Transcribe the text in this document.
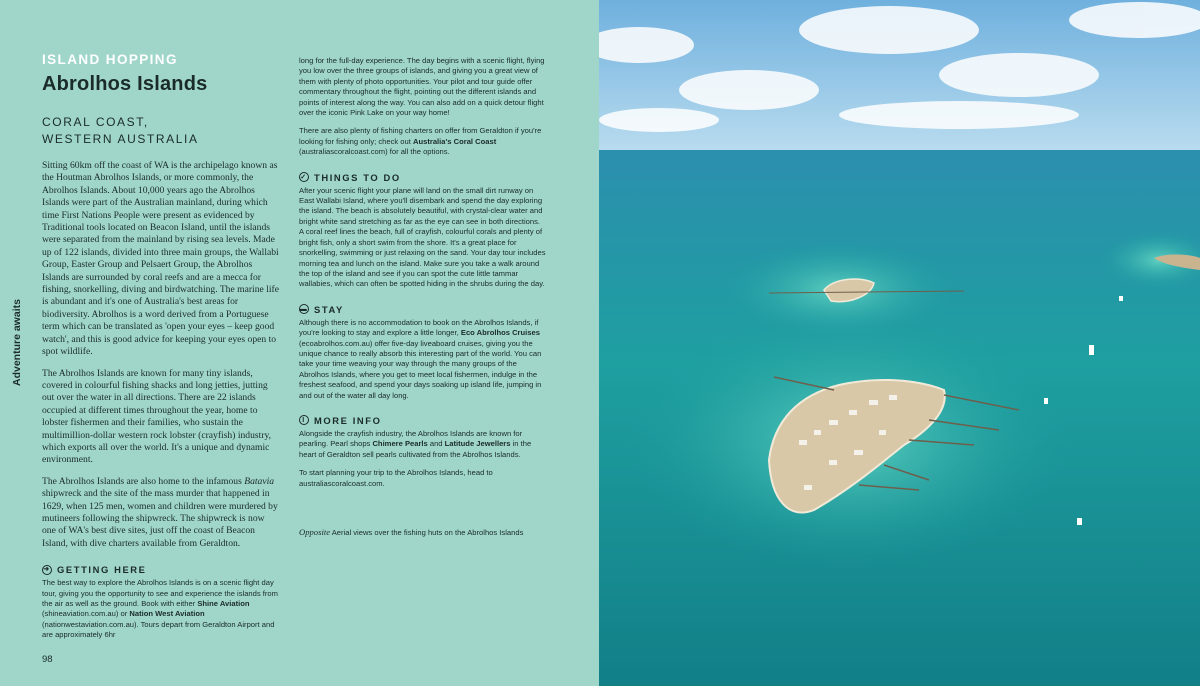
Adventure awaits
ISLAND HOPPING
Abrolhos Islands
CORAL COAST,
WESTERN AUSTRALIA

Sitting 60km off the coast of WA is the archipelago known as the Houtman Abrolhos Islands, or more commonly, the Abrolhos Islands. About 10,000 years ago the Abrolhos Islands were part of the Australian mainland, during which time First Nations People were present as evidenced by Traditional tools located on Beacon Island, until the islands were separated from the mainland by rising sea levels. Made up of 122 islands, divided into three main groups, the Wallabi Group, Easter Group and Pelsaert Group, the Abrolhos Islands are surrounded by coral reefs and are a mecca for fishing, snorkelling, diving and birdwatching. The marine life is abundant and it's one of Australia's best areas for biodiversity. Abrolhos is a word derived from a Portuguese term which can be translated as 'open your eyes – keep good watch', and this is good advice for keeping your eyes open to spot wildlife.

The Abrolhos Islands are known for many tiny islands, covered in colourful fishing shacks and long jetties, jutting out over the water in all directions. There are 22 islands occupied at different times throughout the year, home to lobster fishermen and their families, who sustain the multimillion-dollar western rock lobster (crayfish) industry, which exports all over the world. It's a unique and dynamic environment.

The Abrolhos Islands are also home to the infamous Batavia shipwreck and the site of the mass murder that happened in 1629, when 125 men, women and children were murdered by mutineers following the shipwreck. The shipwreck is now one of WA's best dive sites, just off the coast of Beacon Island, with dive charters available from Geraldton.

➜ GETTING HERE

The best way to explore the Abrolhos Islands is on a scenic flight day tour, giving you the opportunity to see and experience the islands from the air as well as the ground. Book with either Shine Aviation (shineaviation.com.au) or Nation West Aviation (nationwestaviation.com.au). Tours depart from Geraldton Airport and are approximately 6hr

long for the full-day experience. The day begins with a scenic flight, flying you low over the three groups of islands, and giving you a great view of them with plenty of photo opportunities. Your pilot and tour guide offer commentary throughout the flight, pointing out the different islands and points of interest along the way. You can also add on a quick detour flight over the iconic Pink Lake on your way home!

There are also plenty of fishing charters on offer from Geraldton if you're looking for fishing only; check out Australia's Coral Coast (australiascoralcoast.com) for all the options.

✓ THINGS TO DO

After your scenic flight your plane will land on the small dirt runway on East Wallabi Island, where you'll disembark and spend the day exploring the island. The beach is absolutely beautiful, with crystal-clear water and bright white sand stretching as far as the eye can see in both directions.
A coral reef lines the beach, full of crayfish, colourful corals and plenty of bright fish, only a short swim from the shore. It's a great place for snorkelling, swimming or just relaxing on the sand. Your day tour includes morning tea and lunch on the island. Make sure you take a walk around the top of the island and see if you can spot the cute little tammar wallabies, which can often be spotted hiding in the shrubs during the day.

▬ STAY

Although there is no accommodation to book on the Abrolhos Islands, if you're looking to stay and explore a little longer, Eco Abrolhos Cruises (ecoabrolhos.com.au) offer five-day liveaboard cruises, giving you the unique chance to really absorb this interesting part of the world. You can take your time weaving your way through the many groups of the Abrolhos Islands, where you get to meet local fishermen, indulge in the freshest seafood, and spend your days soaking up island life, jumping in and out of the water all day long.

I MORE INFO

Alongside the crayfish industry, the Abrolhos Islands are known for pearling. Pearl shops Chimere Pearls and Latitude Jewellers in the heart of Geraldton sell pearls cultivated from the Abrolhos Islands.

To start planning your trip to the Abrolhos Islands, head to australiascoralcoast.com.

Opposite Aerial views over the fishing huts on the Abrolhos Islands
98
